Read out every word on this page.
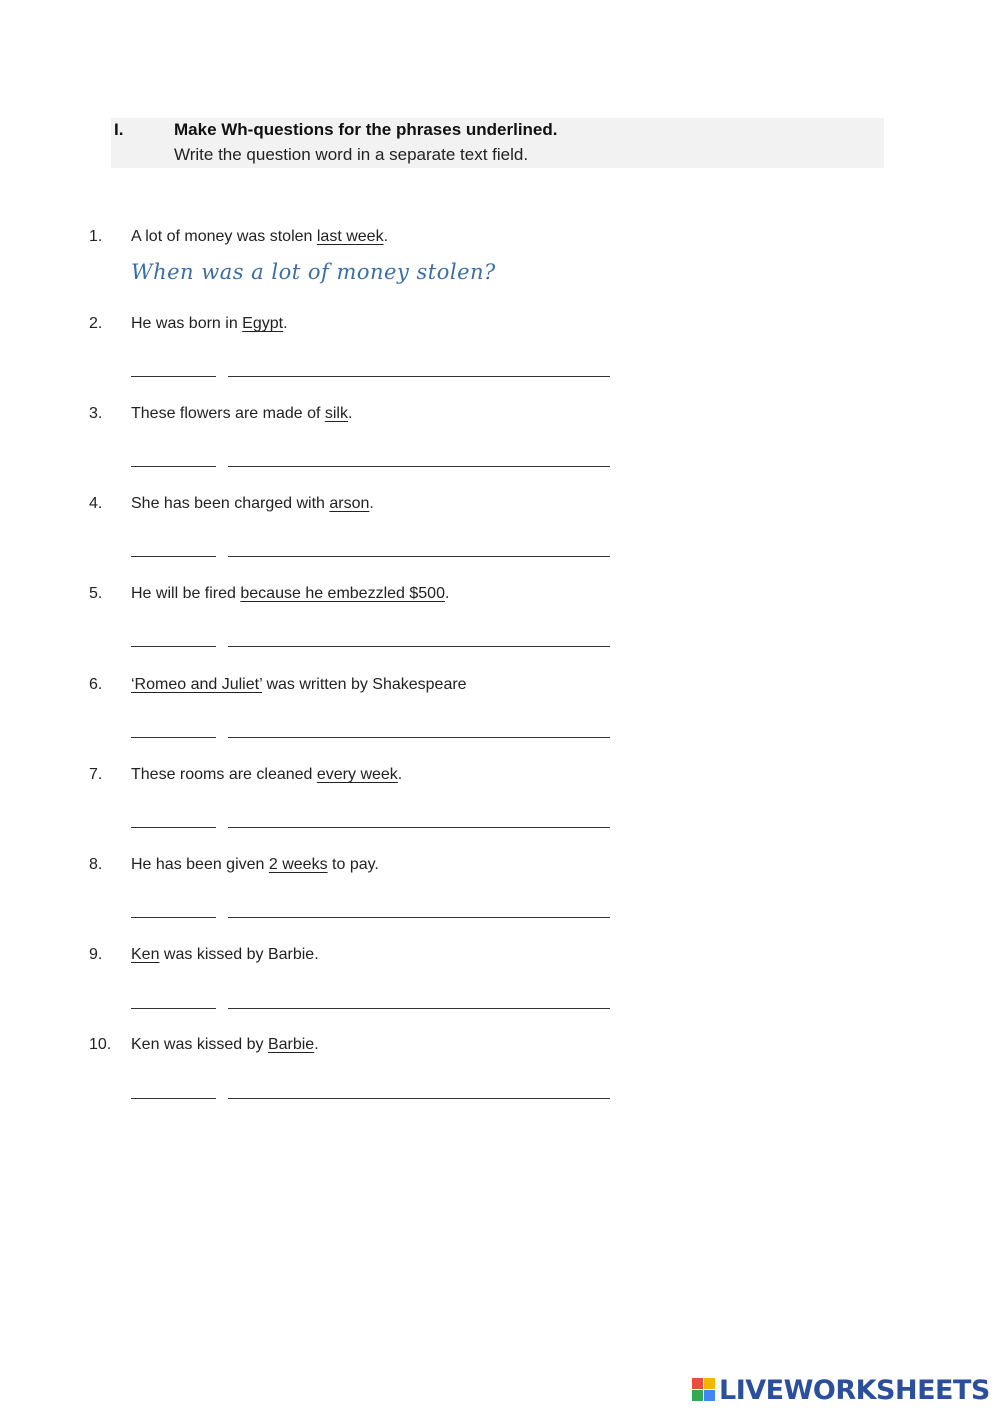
I.	Make Wh-questions for the phrases underlined.
Write the question word in a separate text field.
1. A lot of money was stolen last week.
When was a lot of money stolen?
2. He was born in Egypt.
3. These flowers are made of silk.
4. She has been charged with arson.
5. He will be fired because he embezzled $500.
6. ‘Romeo and Juliet’ was written by Shakespeare
7. These rooms are cleaned every week.
8. He has been given 2 weeks to pay.
9. Ken was kissed by Barbie.
10. Ken was kissed by Barbie.
LIVEWORKSHEETS
